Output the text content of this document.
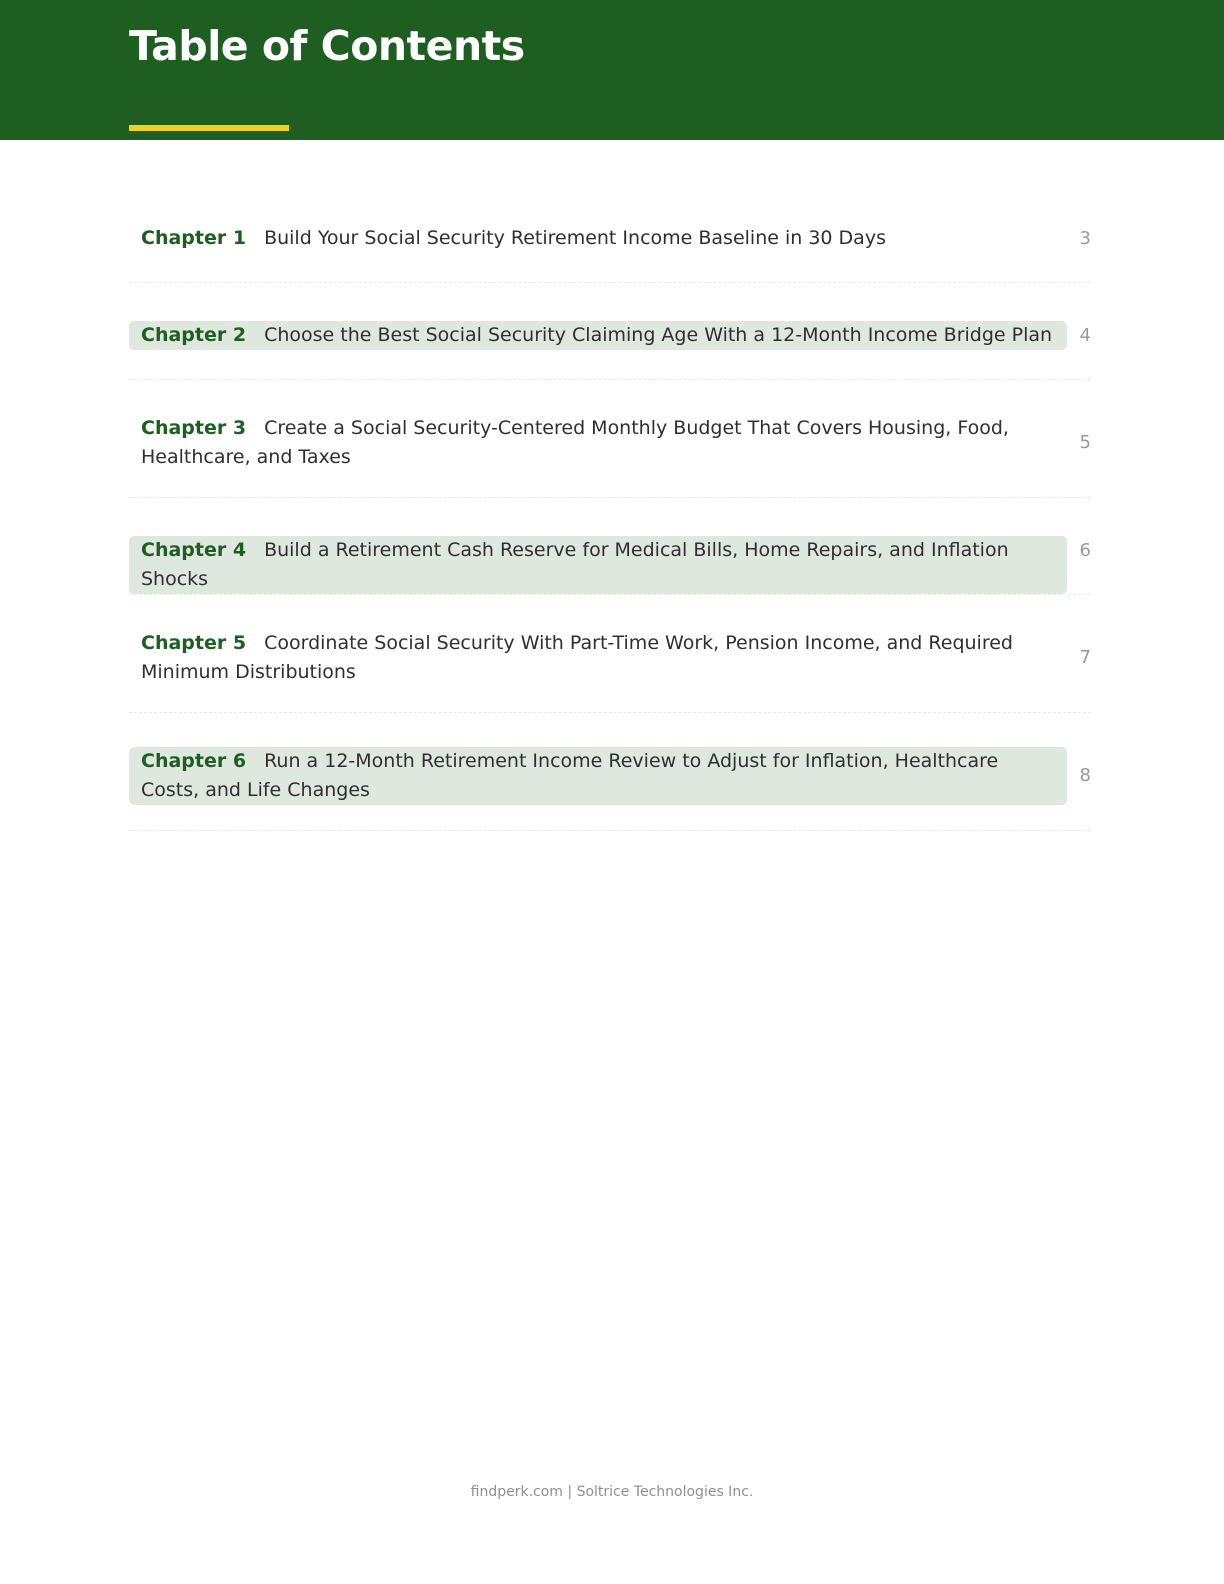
Table of Contents
Chapter 1 Build Your Social Security Retirement Income Baseline in 30 Days	3
Chapter 2 Choose the Best Social Security Claiming Age With a 12-Month Income Bridge Plan	4
Chapter 3 Create a Social Security-Centered Monthly Budget That Covers Housing, Food, Healthcare, and Taxes
5
Chapter 4 Build a Retirement Cash Reserve for Medical Bills, Home Repairs, and Inflation Shocks
6
Chapter 5 Coordinate Social Security With Part-Time Work, Pension Income, and Required Minimum Distributions
7
Chapter 6 Run a 12-Month Retirement Income Review to Adjust for Inflation, Healthcare Costs, and Life Changes
8
findperk.com | Soltrice Technologies Inc.
